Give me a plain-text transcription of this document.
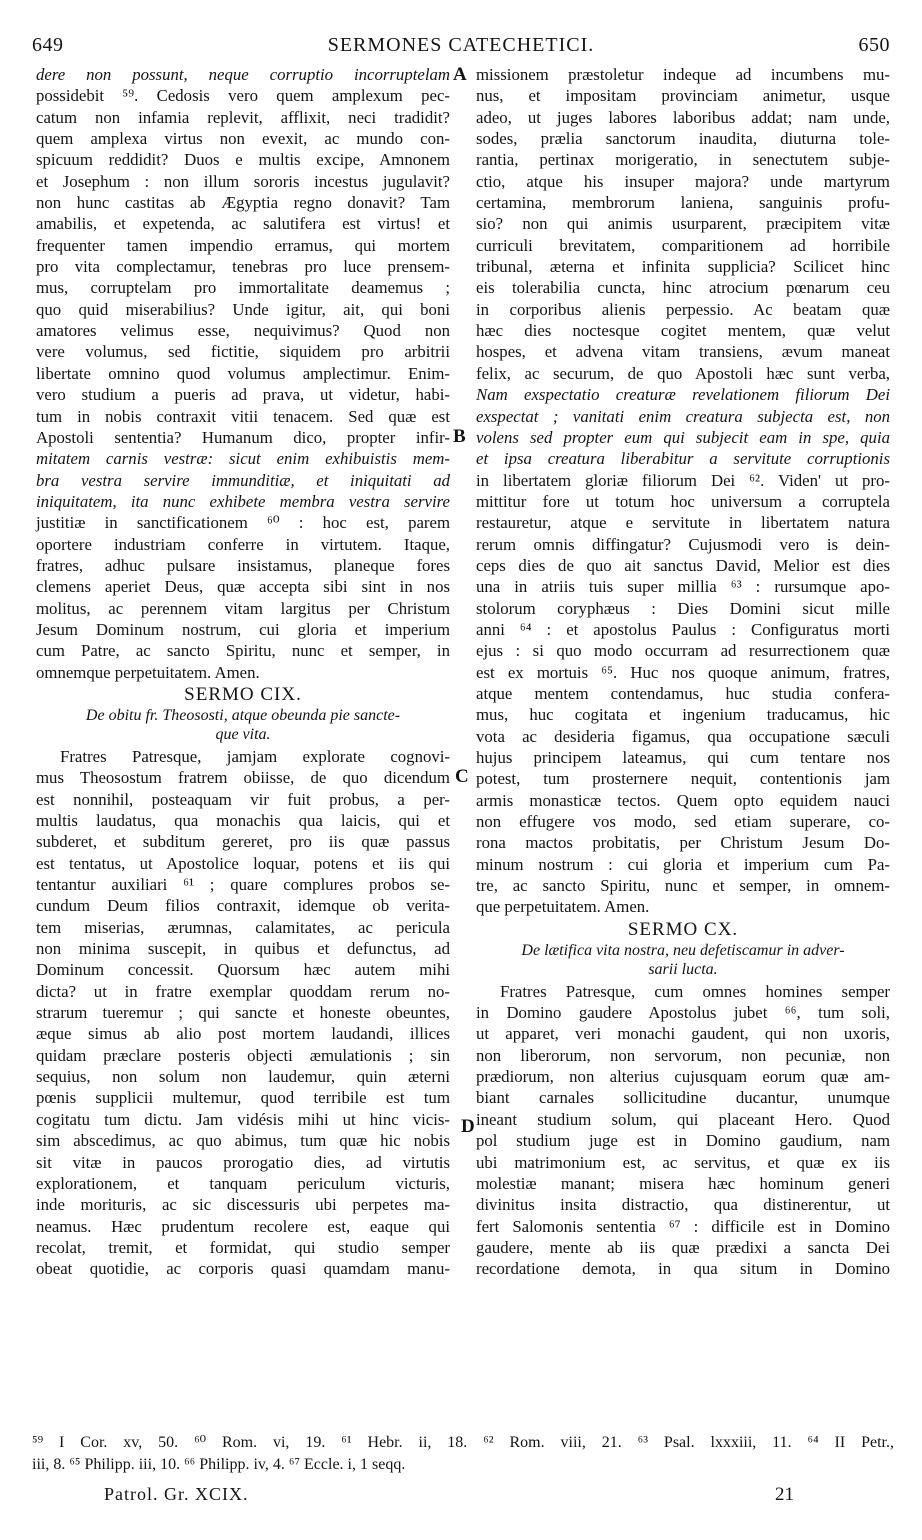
649	SERMONES CATECHETICI.	650
A
B
C
D
dere non possunt, neque corruptio incorruptelam
possidebit ⁵⁹. Cedosis vero quem amplexum pec-
catum non infamia replevit, afflixit, neci tradidit?
quem amplexa virtus non evexit, ac mundo con-
spicuum reddidit? Duos e multis excipe, Amnonem
et Josephum : non illum sororis incestus jugulavit?
non hunc castitas ab Ægyptia regno donavit? Tam
amabilis, et expetenda, ac salutifera est virtus! et
frequenter tamen impendio erramus, qui mortem
pro vita complectamur, tenebras pro luce prensem-
mus, corruptelam pro immortalitate deamemus ;
quo quid miserabilius? Unde igitur, ait, qui boni
amatores velimus esse, nequivimus? Quod non
vere volumus, sed fictitie, siquidem pro arbitrii
libertate omnino quod volumus amplectimur. Enim-
vero studium a pueris ad prava, ut videtur, habi-
tum in nobis contraxit vitii tenacem. Sed quæ est
Apostoli sententia? Humanum dico, propter infir-
mitatem carnis vestræ: sicut enim exhibuistis mem-
bra vestra servire immunditiæ, et iniquitati ad
iniquitatem, ita nunc exhibete membra vestra servire
justitiæ in sanctificationem ⁶⁰ : hoc est, parem
oportere industriam conferre in virtutem. Itaque,
fratres, adhuc pulsare insistamus, planeque fores
clemens aperiet Deus, quæ accepta sibi sint in nos
molitus, ac perennem vitam largitus per Christum
Jesum Dominum nostrum, cui gloria et imperium
cum Patre, ac sancto Spiritu, nunc et semper, in
omnemque perpetuitatem. Amen.
SERMO CIX.
De obitu fr. Theososti, atque obeunda pie sancte-
que vita.
Fratres Patresque, jamjam explorate cognovi-
mus Theosostum fratrem obiisse, de quo dicendum
est nonnihil, posteaquam vir fuit probus, a per-
multis laudatus, qua monachis qua laicis, qui et
subderet, et subditum gereret, pro iis quæ passus
est tentatus, ut Apostolice loquar, potens et iis qui
tentantur auxiliari ⁶¹ ; quare complures probos se-
cundum Deum filios contraxit, idemque ob verita-
tem miserias, ærumnas, calamitates, ac pericula
non minima suscepit, in quibus et defunctus, ad
Dominum concessit. Quorsum hæc autem mihi
dicta? ut in fratre exemplar quoddam rerum no-
strarum tueremur ; qui sancte et honeste obeuntes,
æque simus ab alio post mortem laudandi, illices
quidam præclare posteris objecti æmulationis ; sin
sequius, non solum non laudemur, quin æterni
pœnis supplicii multemur, quod terribile est tum
cogitatu tum dictu. Jam vidésis mihi ut hinc vicis-
sim abscedimus, ac quo abimus, tum quæ hic nobis
sit vitæ in paucos prorogatio dies, ad virtutis
explorationem, et tanquam periculum victuris,
inde morituris, ac sic discessuris ubi perpetes ma-
neamus. Hæc prudentum recolere est, eaque qui
recolat, tremit, et formidat, qui studio semper
obeat quotidie, ac corporis quasi quamdam manu-
missionem præstoletur indeque ad incumbens mu-
nus, et impositam provinciam animetur, usque
adeo, ut juges labores laboribus addat; nam unde,
sodes, prælia sanctorum inaudita, diuturna tole-
rantia, pertinax morigeratio, in senectutem subje-
ctio, atque his insuper majora? unde martyrum
certamina, membrorum laniena, sanguinis profu-
sio? non qui animis usurparent, præcipitem vitæ
curriculi brevitatem, comparitionem ad horribile
tribunal, æterna et infinita supplicia? Scilicet hinc
eis tolerabilia cuncta, hinc atrocium pœnarum ceu
in corporibus alienis perpessio. Ac beatam quæ
hæc dies noctesque cogitet mentem, quæ velut
hospes, et advena vitam transiens, ævum maneat
felix, ac securum, de quo Apostoli hæc sunt verba,
Nam exspectatio creaturæ revelationem filiorum Dei
exspectat ; vanitati enim creatura subjecta est, non
volens sed propter eum qui subjecit eam in spe, quia
et ipsa creatura liberabitur a servitute corruptionis
in libertatem gloriæ filiorum Dei ⁶². Viden' ut pro-
mittitur fore ut totum hoc universum a corruptela
restauretur, atque e servitute in libertatem natura
rerum omnis diffingatur? Cujusmodi vero is dein-
ceps dies de quo ait sanctus David, Melior est dies
una in atriis tuis super millia ⁶³ : rursumque apo-
stolorum coryphæus : Dies Domini sicut mille
anni ⁶⁴ : et apostolus Paulus : Configuratus morti
ejus : si quo modo occurram ad resurrectionem quæ
est ex mortuis ⁶⁵. Huc nos quoque animum, fratres,
atque mentem contendamus, huc studia confera-
mus, huc cogitata et ingenium traducamus, hic
vota ac desideria figamus, qua occupatione sæculi
hujus principem lateamus, qui cum tentare nos
potest, tum prosternere nequit, contentionis jam
armis monasticæ tectos. Quem opto equidem nauci
non effugere vos modo, sed etiam superare, co-
rona mactos probitatis, per Christum Jesum Do-
minum nostrum : cui gloria et imperium cum Pa-
tre, ac sancto Spiritu, nunc et semper, in omnem-
que perpetuitatem. Amen.
SERMO CX.
De lætifica vita nostra, neu defetiscamur in adver-
sarii lucta.
Fratres Patresque, cum omnes homines semper
in Domino gaudere Apostolus jubet ⁶⁶, tum soli,
ut apparet, veri monachi gaudent, qui non uxoris,
non liberorum, non servorum, non pecuniæ, non
prædiorum, non alterius cujusquam eorum quæ am-
biant carnales sollicitudine ducantur, unumque
ineant studium solum, qui placeant Hero. Quod
pol studium juge est in Domino gaudium, nam
ubi matrimonium est, ac servitus, et quæ ex iis
molestiæ manant; misera hæc hominum generi
divinitus insita distractio, qua distinerentur, ut
fert Salomonis sententia ⁶⁷ : difficile est in Domino
gaudere, mente ab iis quæ prædixi a sancta Dei
recordatione demota, in qua situm in Domino
⁵⁹ I Cor. xv, 50. ⁶⁰ Rom. vi, 19. ⁶¹ Hebr. ii, 18. ⁶² Rom. viii, 21. ⁶³ Psal. lxxxiii, 11. ⁶⁴ II Petr.,
iii, 8. ⁶⁵ Philipp. iii, 10. ⁶⁶ Philipp. iv, 4. ⁶⁷ Eccle. i, 1 seqq.
Patrol. Gr. XCIX.	21
